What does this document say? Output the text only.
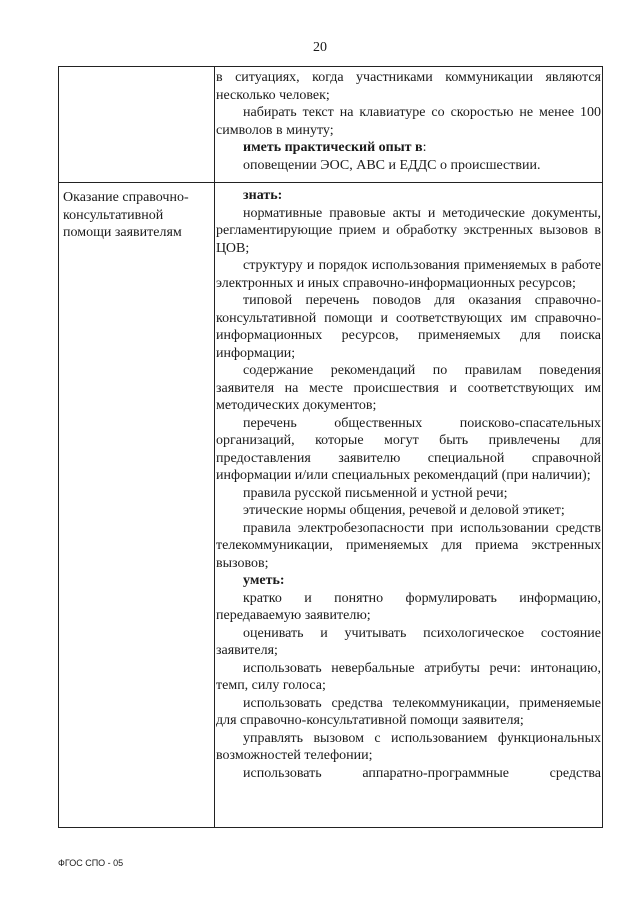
20

в ситуациях, когда участниками коммуникации являются несколько человек;

набирать текст на клавиатуре со скоростью не менее 100 символов в минуту;

иметь практический опыт в:

оповещении ЭОС, АВС и ЕДДС о происшествии.

Оказание справочно-консультативной помощи заявителям

знать:

нормативные правовые акты и методические документы, регламентирующие прием и обработку экстренных вызовов в ЦОВ;

структуру и порядок использования применяемых в работе электронных и иных справочно-информационных ресурсов;

типовой перечень поводов для оказания справочно-консультативной помощи и соответствующих им справочно-информационных ресурсов, применяемых для поиска информации;

содержание рекомендаций по правилам поведения заявителя на месте происшествия и соответствующих им методических документов;

перечень общественных поисково-спасательных организаций, которые могут быть привлечены для предоставления заявителю специальной справочной информации и/или специальных рекомендаций (при наличии);

правила русской письменной и устной речи;

этические нормы общения, речевой и деловой этикет;

правила электробезопасности при использовании средств телекоммуникации, применяемых для приема экстренных вызовов;

уметь:

кратко и понятно формулировать информацию, передаваемую заявителю;

оценивать и учитывать психологическое состояние заявителя;

использовать невербальные атрибуты речи: интонацию, темп, силу голоса;

использовать средства телекоммуникации, применяемые для справочно-консультативной помощи заявителя;

управлять вызовом с использованием функциональных возможностей телефонии;

использовать аппаратно-программные средства

ФГОС СПО - 05
